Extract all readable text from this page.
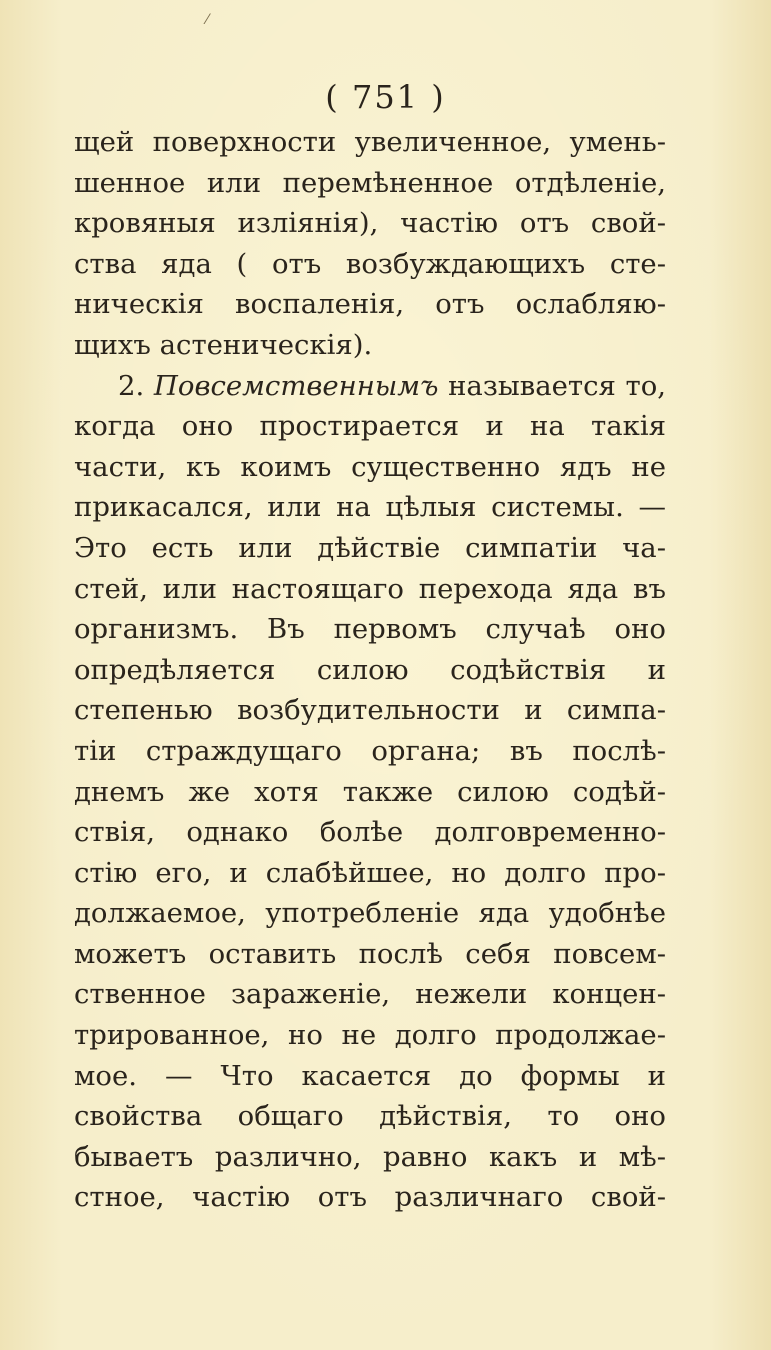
⁄
( 751 )
щей поверхности увеличенное, умень-
шенное или перемѣненное отдѣленіе,
кровяныя изліянія), частію отъ свой-
ства яда ( отъ возбуждающихъ сте-
ническія воспаленія, отъ ослабляю-
щихъ астеническія).
2. Повсемственнымъ называется то,
когда оно простирается и на такія
части, къ коимъ существенно ядъ не
прикасался, или на цѣлыя системы. —
Это есть или дѣйствіе симпатіи ча-
стей, или настоящаго перехода яда въ
организмъ. Въ первомъ случаѣ оно
опредѣляется силою содѣйствія и
степенью возбудительности и симпа-
тіи страждущаго органа; въ послѣ-
днемъ же хотя также силою содѣй-
ствія, однако болѣе долговременно-
стію его, и слабѣйшее, но долго про-
должаемое, употребленіе яда удобнѣе
можетъ оставить послѣ себя повсем-
ственное зараженіе, нежели концен-
трированное, но не долго продолжае-
мое. — Что касается до формы и
свойства общаго дѣйствія, то оно
бываетъ различно, равно какъ и мѣ-
стное, частію отъ различнаго свой-
